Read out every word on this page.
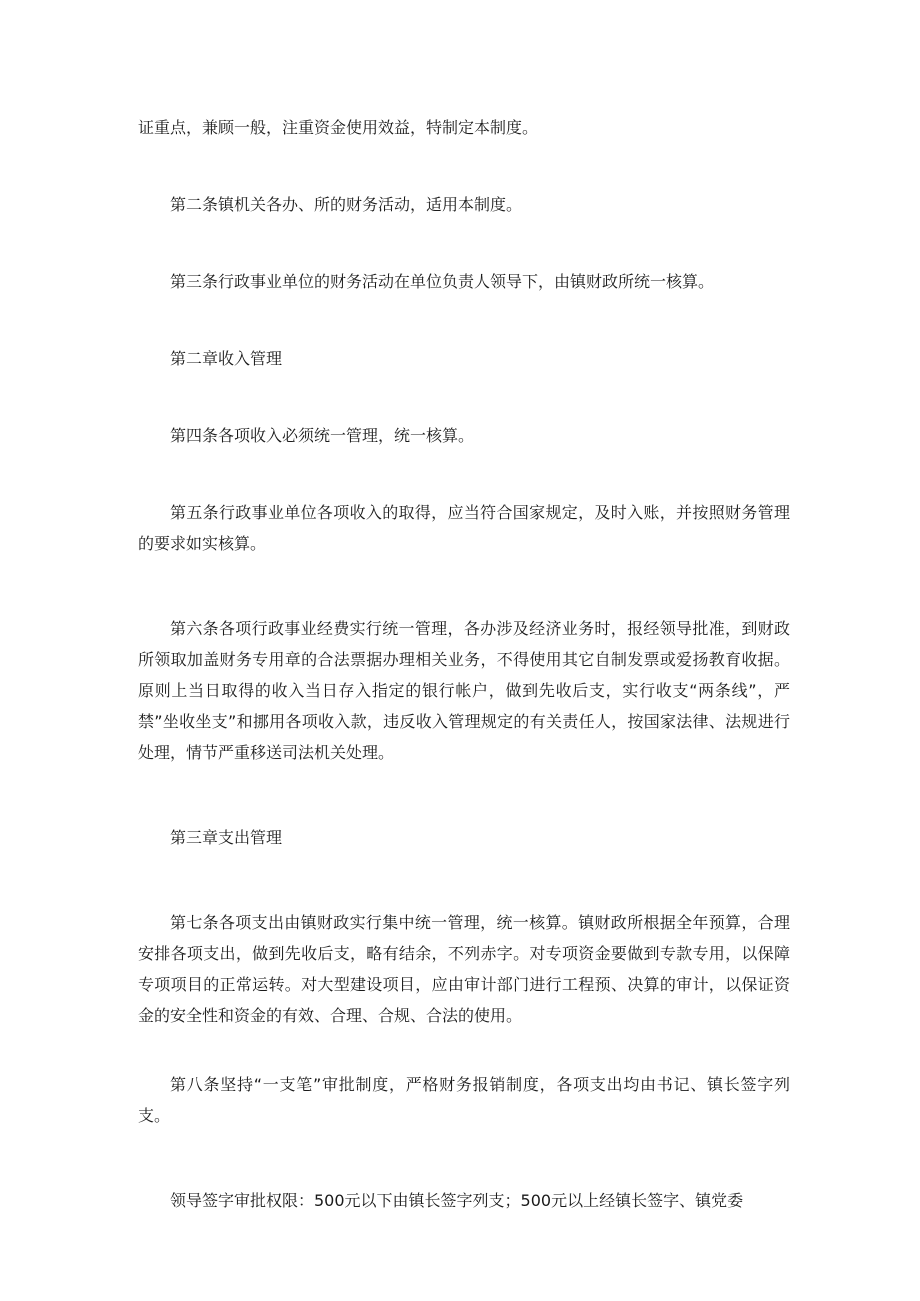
证重点，兼顾一般，注重资金使用效益，特制定本制度。

第二条镇机关各办、所的财务活动，适用本制度。

第三条行政事业单位的财务活动在单位负责人领导下，由镇财政所统一核算。

第二章收入管理

第四条各项收入必须统一管理，统一核算。

第五条行政事业单位各项收入的取得，应当符合国家规定，及时入账，并按照财务管理的要求如实核算。

第六条各项行政事业经费实行统一管理，各办涉及经济业务时，报经领导批准，到财政所领取加盖财务专用章的合法票据办理相关业务，不得使用其它自制发票或爱扬教育收据。原则上当日取得的收入当日存入指定的银行帐户，做到先收后支，实行收支“两条线”，严禁”坐收坐支”和挪用各项收入款，违反收入管理规定的有关责任人，按国家法律、法规进行处理，情节严重移送司法机关处理。

第三章支出管理

第七条各项支出由镇财政实行集中统一管理，统一核算。镇财政所根据全年预算，合理安排各项支出，做到先收后支，略有结余，不列赤字。对专项资金要做到专款专用，以保障专项项目的正常运转。对大型建设项目，应由审计部门进行工程预、决算的审计，以保证资金的安全性和资金的有效、合理、合规、合法的使用。

第八条坚持“一支笔”审批制度，严格财务报销制度，各项支出均由书记、镇长签字列支。

领导签字审批权限：500元以下由镇长签字列支；500元以上经镇长签字、镇党委
